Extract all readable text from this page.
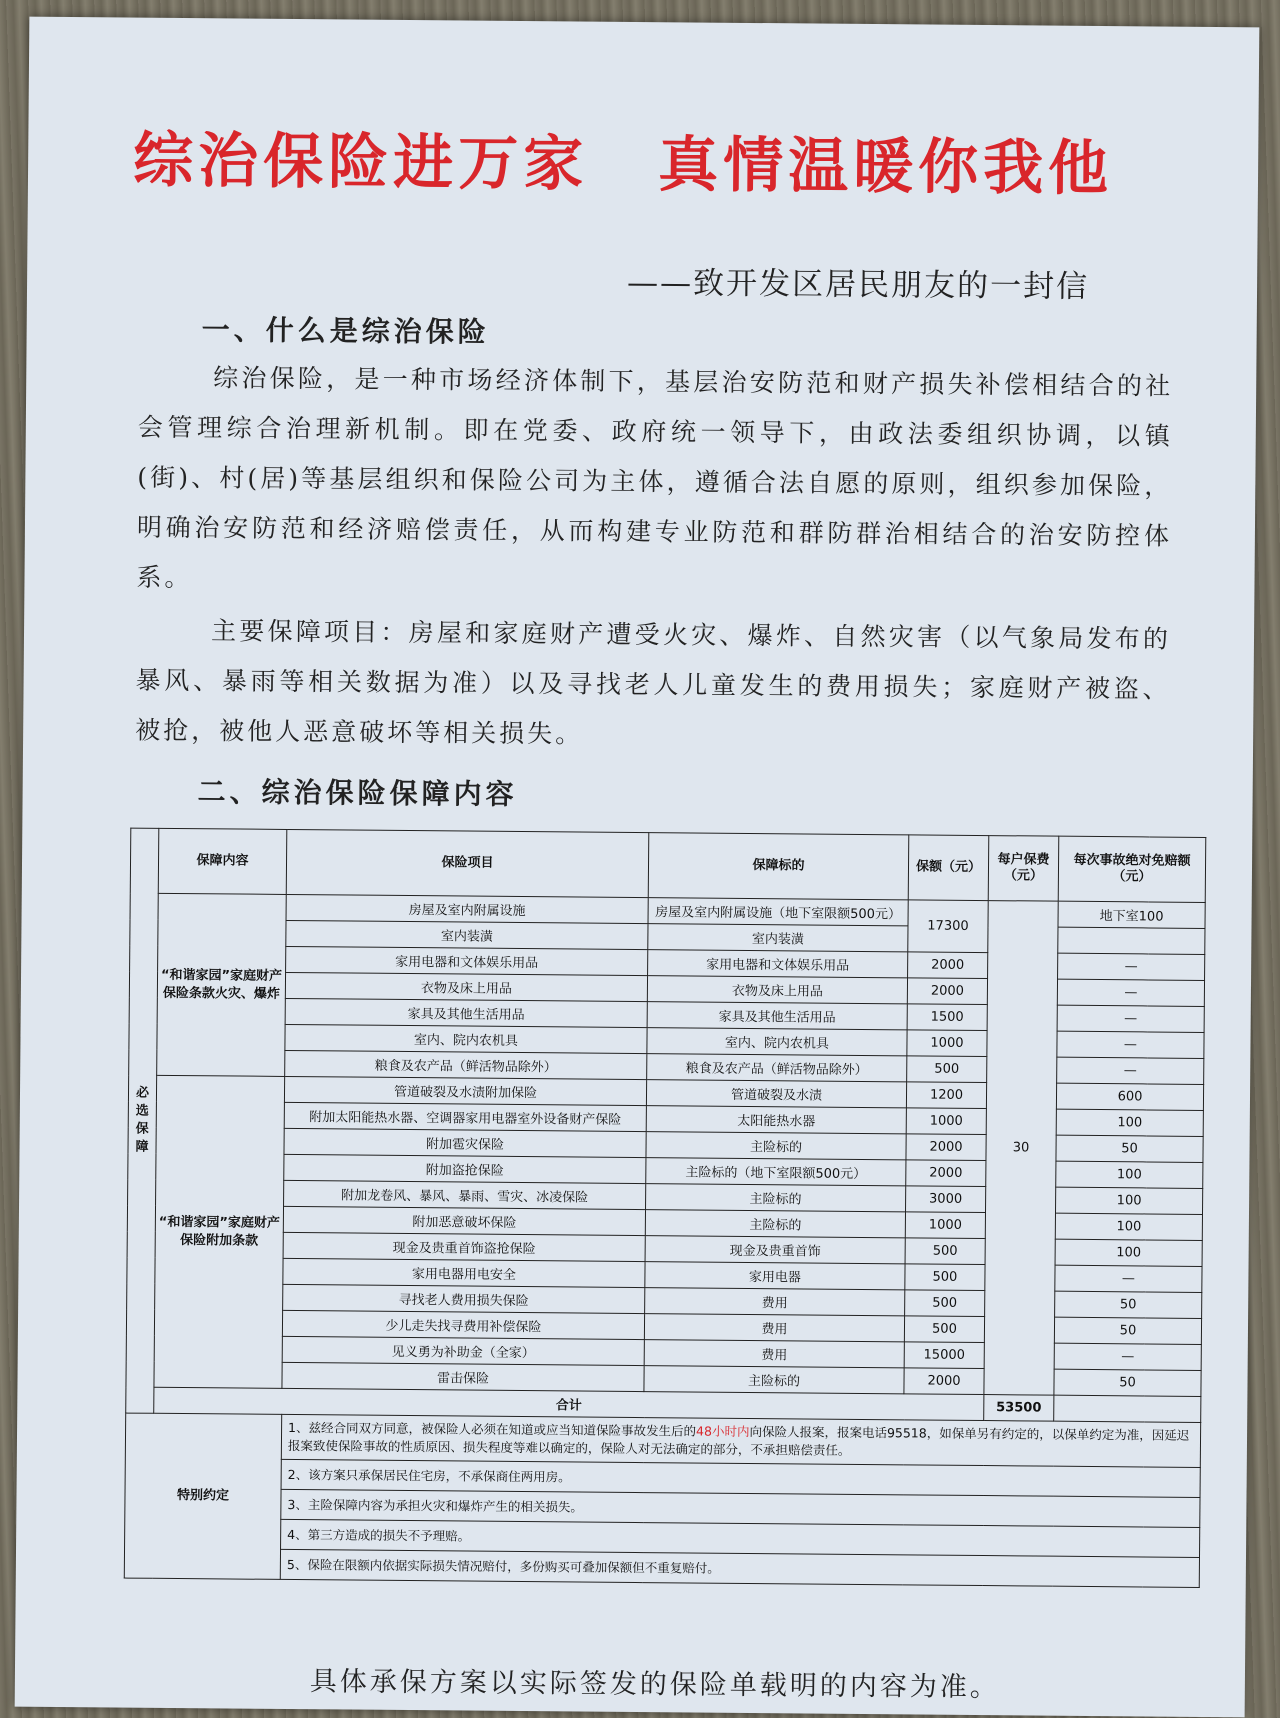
综治保险进万家 真情温暖你我他
——致开发区居民朋友的一封信
一、什么是综治保险
综治保险，是一种市场经济体制下，基层治安防范和财产损失补偿相结合的社会管理综合治理新机制。即在党委、政府统一领导下，由政法委组织协调，以镇(街)、村(居)等基层组织和保险公司为主体，遵循合法自愿的原则，组织参加保险，明确治安防范和经济赔偿责任，从而构建专业防范和群防群治相结合的治安防控体系。
主要保障项目：房屋和家庭财产遭受火灾、爆炸、自然灾害（以气象局发布的暴风、暴雨等相关数据为准）以及寻找老人儿童发生的费用损失；家庭财产被盗、被抢，被他人恶意破坏等相关损失。
二、综治保险保障内容
必选保障	保障内容	保险项目	保障标的	保额（元）	每户保费（元）	每次事故绝对免赔额（元）
	“和谐家园”家庭财产保险条款火灾、爆炸	房屋及室内附属设施	房屋及室内附属设施（地下室限额500元）	17300	30	地下室100
		室内装潢	室内装潢			
		家用电器和文体娱乐用品	家用电器和文体娱乐用品	2000		—
		衣物及床上用品	衣物及床上用品	2000		—
		家具及其他生活用品	家具及其他生活用品	1500		—
		室内、院内农机具	室内、院内农机具	1000		—
		粮食及农产品（鲜活物品除外）	粮食及农产品（鲜活物品除外）	500		—
	“和谐家园”家庭财产保险附加条款	管道破裂及水渍附加保险	管道破裂及水渍	1200		600
		附加太阳能热水器、空调器家用电器室外设备财产保险	太阳能热水器	1000		100
		附加雹灾保险	主险标的	2000		50
		附加盗抢保险	主险标的（地下室限额500元）	2000		100
		附加龙卷风、暴风、暴雨、雪灾、冰凌保险	主险标的	3000		100
		附加恶意破坏保险	主险标的	1000		100
		现金及贵重首饰盗抢保险	现金及贵重首饰	500		100
		家用电器用电安全	家用电器	500		—
		寻找老人费用损失保险	费用	500		50
		少儿走失找寻费用补偿保险	费用	500		50
		见义勇为补助金（全家）	费用	15000		—
		雷击保险	主险标的	2000		50
	合计				53500	
特别约定		1、兹经合同双方同意，被保险人必须在知道或应当知道保险事故发生后的48小时内向保险人报案，报案电话95518，如保单另有约定的，以保单约定为准，因延迟报案致使保险事故的性质原因、损失程度等难以确定的，保险人对无法确定的部分，不承担赔偿责任。				
		2、该方案只承保居民住宅房，不承保商住两用房。				
		3、主险保障内容为承担火灾和爆炸产生的相关损失。				
		4、第三方造成的损失不予理赔。				
		5、保险在限额内依据实际损失情况赔付，多份购买可叠加保额但不重复赔付。				
具体承保方案以实际签发的保险单载明的内容为准。
